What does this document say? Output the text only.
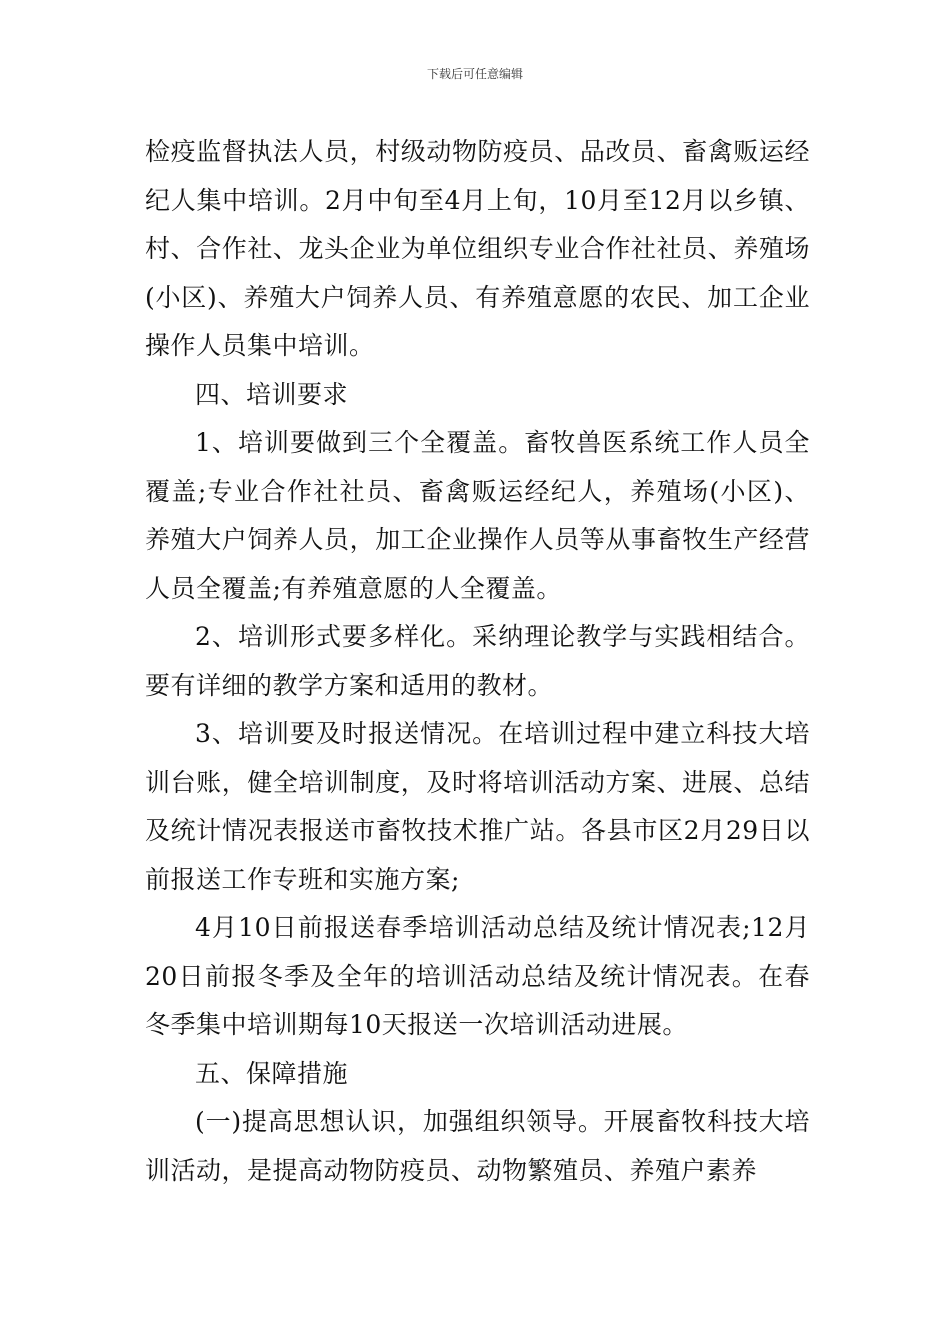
下载后可任意编辑

检疫监督执法人员，村级动物防疫员、品改员、畜禽贩运经纪人集中培训。2月中旬至4月上旬，10月至12月以乡镇、村、合作社、龙头企业为单位组织专业合作社社员、养殖场(小区)、养殖大户饲养人员、有养殖意愿的农民、加工企业操作人员集中培训。

四、培训要求

1、培训要做到三个全覆盖。畜牧兽医系统工作人员全覆盖;专业合作社社员、畜禽贩运经纪人，养殖场(小区)、养殖大户饲养人员，加工企业操作人员等从事畜牧生产经营人员全覆盖;有养殖意愿的人全覆盖。

2、培训形式要多样化。采纳理论教学与实践相结合。要有详细的教学方案和适用的教材。

3、培训要及时报送情况。在培训过程中建立科技大培训台账，健全培训制度，及时将培训活动方案、进展、总结及统计情况表报送市畜牧技术推广站。各县市区2月29日以前报送工作专班和实施方案;

4月10日前报送春季培训活动总结及统计情况表;12月20日前报冬季及全年的培训活动总结及统计情况表。在春冬季集中培训期每10天报送一次培训活动进展。

五、保障措施

(一)提高思想认识，加强组织领导。开展畜牧科技大培训活动，是提高动物防疫员、动物繁殖员、养殖户素养
